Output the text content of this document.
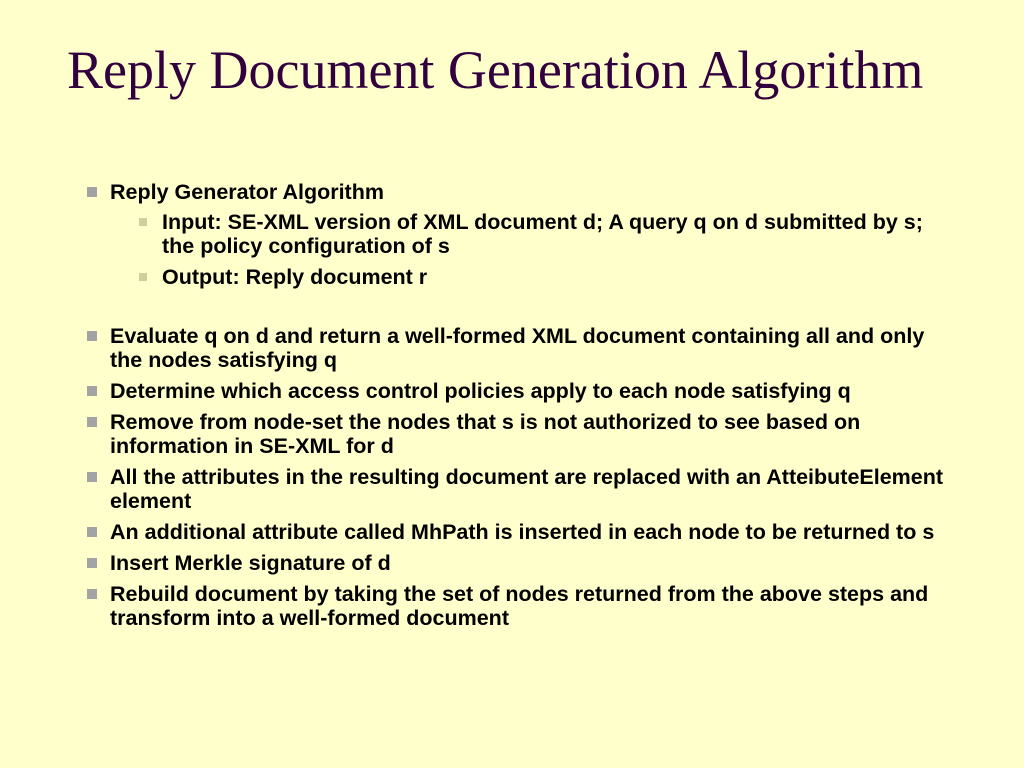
Reply Document Generation Algorithm
Reply Generator Algorithm
Input: SE-XML version of XML document d; A query q on d submitted by s; the policy configuration of s
Output: Reply document r
Evaluate q on d and return a well-formed XML document containing all and only the nodes satisfying q
Determine which access control policies apply to each node satisfying q
Remove from node-set the nodes that s is not authorized to see based on information in SE-XML for d
All the attributes in the resulting document are replaced with an AtteibuteElement element
An additional attribute called MhPath is inserted in each node to be returned to s
Insert Merkle signature of d
Rebuild document by taking the set of nodes returned from the above steps and transform into a well-formed document
